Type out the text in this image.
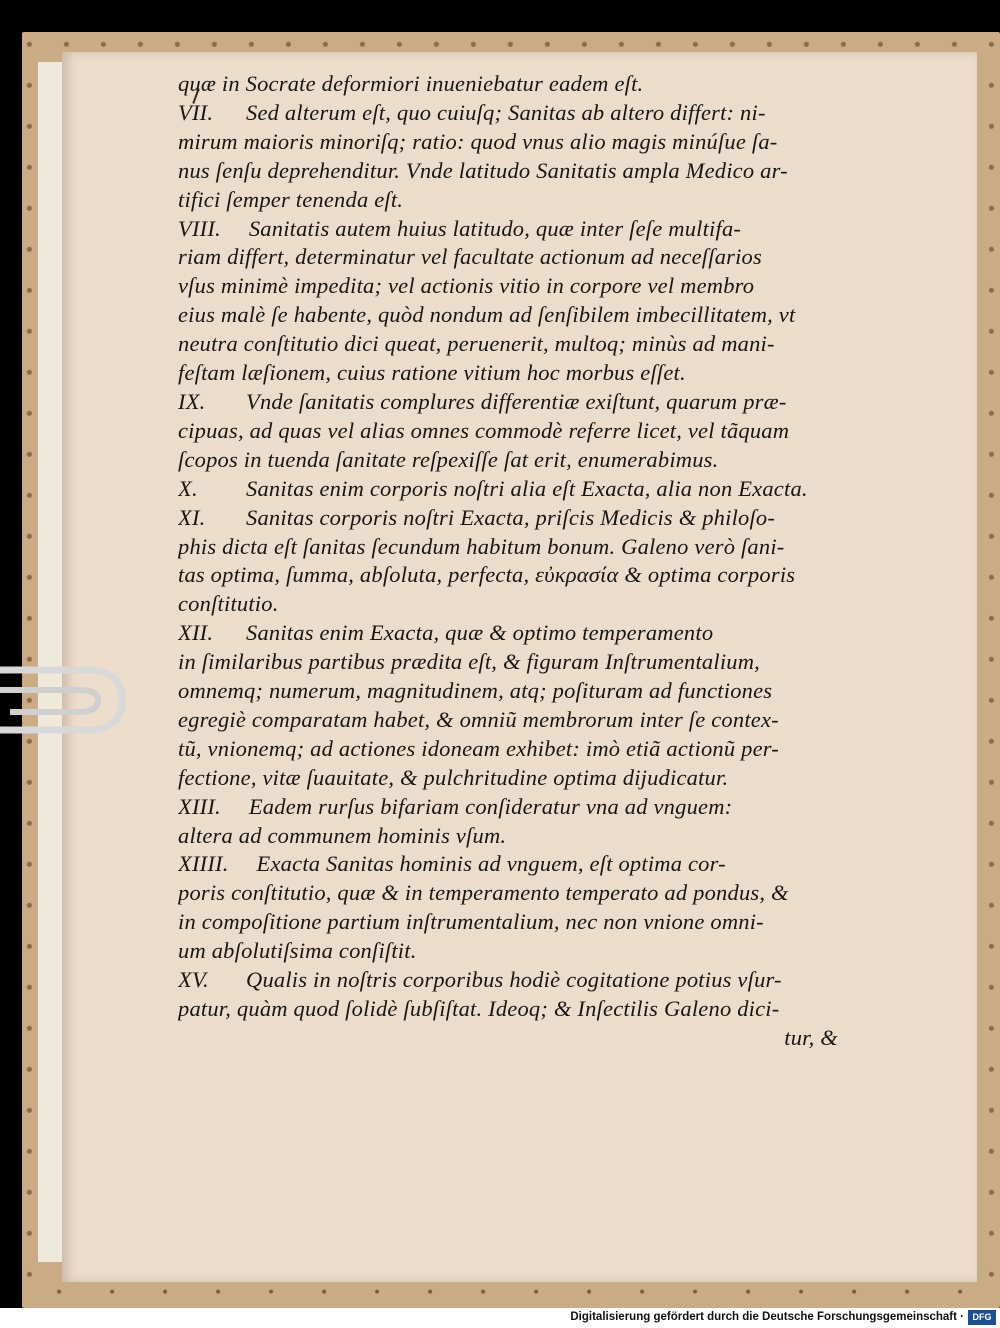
quæ in Socrate deformiori inueniebatur eadem eſt.
VII. Sed alterum eſt, quo cuiuſq; Sanitas ab altero differt: ni-
mirum maioris minoriſq; ratio: quod vnus alio magis minúſue ſa-
nus ſenſu deprehenditur. Vnde latitudo Sanitatis ampla Medico ar-
tifici ſemper tenenda eſt.
VIII. Sanitatis autem huius latitudo, quæ inter ſeſe multifa-
riam differt, determinatur vel facultate actionum ad neceſſarios
vſus minimè impedita; vel actionis vitio in corpore vel membro
eius malè ſe habente, quòd nondum ad ſenſibilem imbecillitatem, vt
neutra conſtitutio dici queat, peruenerit, multoq; minùs ad mani-
feſtam læſionem, cuius ratione vitium hoc morbus eſſet.
IX. Vnde ſanitatis complures differentiæ exiſtunt, quarum præ-
cipuas, ad quas vel alias omnes commodè referre licet, vel tãquam
ſcopos in tuenda ſanitate reſpexiſſe ſat erit, enumerabimus.
X. Sanitas enim corporis noſtri alia eſt Exacta, alia non Exacta.
XI. Sanitas corporis noſtri Exacta, priſcis Medicis & philoſo-
phis dicta eſt ſanitas ſecundum habitum bonum. Galeno verò ſani-
tas optima, ſumma, abſoluta, perfecta, εὐκρασία & optima corporis
conſtitutio.
XII. Sanitas enim Exacta, quæ & optimo temperamento
in ſimilaribus partibus prædita eſt, & figuram Inſtrumentalium,
omnemq; numerum, magnitudinem, atq; poſituram ad functiones
egregiè comparatam habet, & omniũ membrorum inter ſe contex-
tũ, vnionemq; ad actiones idoneam exhibet: imò etiã actionũ per-
fectione, vitæ ſuauitate, & pulchritudine optima dijudicatur.
XIII. Eadem rurſus bifariam conſideratur vna ad vnguem:
altera ad communem hominis vſum.
XIIII. Exacta Sanitas hominis ad vnguem, eſt optima cor-
poris conſtitutio, quæ & in temperamento temperato ad pondus, &
in compoſitione partium inſtrumentalium, nec non vnione omni-
um abſolutiſsima conſiſtit.
XV. Qualis in noſtris corporibus hodiè cogitatione potius vſur-
patur, quàm quod ſolidè ſubſiſtat. Ideoq; & Inſectilis Galeno dici-
tur, &
Digitalisierung gefördert durch die Deutsche Forschungsgemeinschaft · DFG
